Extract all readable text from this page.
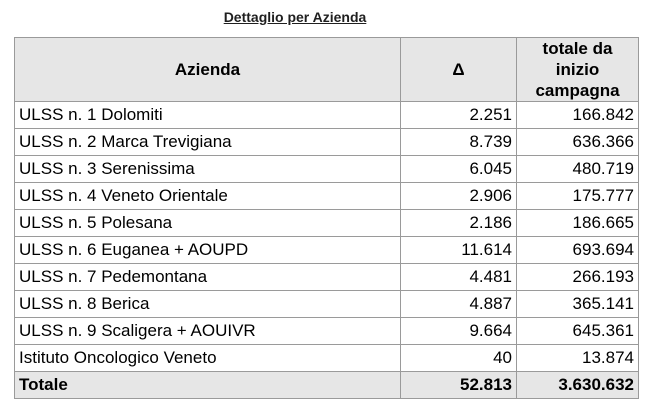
Dettaglio per Azienda
Azienda	Δ	totale da inizio campagna
ULSS n. 1 Dolomiti	2.251	166.842
ULSS n. 2 Marca Trevigiana	8.739	636.366
ULSS n. 3 Serenissima	6.045	480.719
ULSS n. 4 Veneto Orientale	2.906	175.777
ULSS n. 5 Polesana	2.186	186.665
ULSS n. 6 Euganea + AOUPD	11.614	693.694
ULSS n. 7 Pedemontana	4.481	266.193
ULSS n. 8 Berica	4.887	365.141
ULSS n. 9 Scaligera + AOUIVR	9.664	645.361
Istituto Oncologico Veneto	40	13.874
Totale	52.813	3.630.632
